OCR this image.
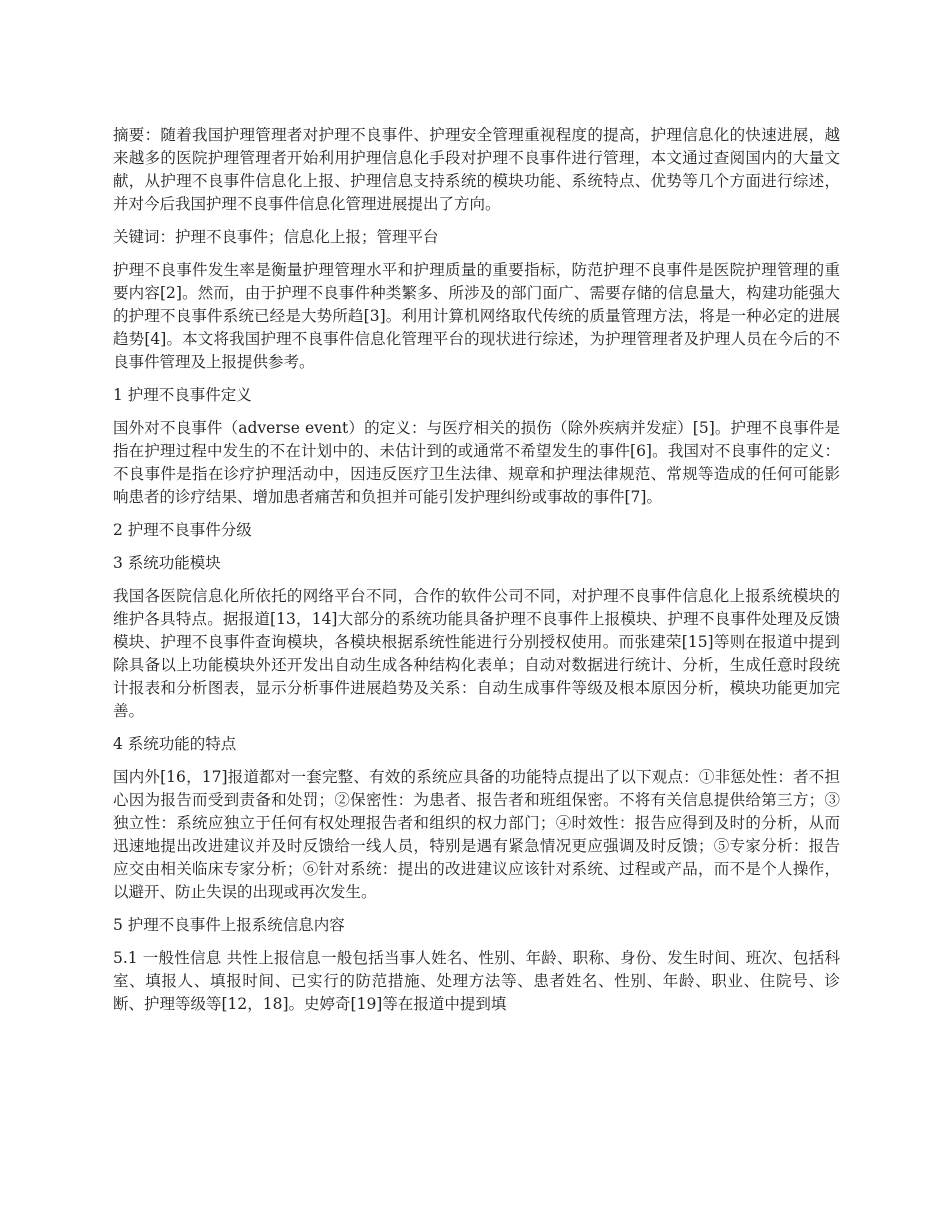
摘要：随着我国护理管理者对护理不良事件、护理安全管理重视程度的提高，护理信息化的快速进展，越来越多的医院护理管理者开始利用护理信息化手段对护理不良事件进行管理，本文通过查阅国内的大量文献，从护理不良事件信息化上报、护理信息支持系统的模块功能、系统特点、优势等几个方面进行综述，并对今后我国护理不良事件信息化管理进展提出了方向。

关键词：护理不良事件；信息化上报；管理平台

护理不良事件发生率是衡量护理管理水平和护理质量的重要指标，防范护理不良事件是医院护理管理的重要内容[2]。然而，由于护理不良事件种类繁多、所涉及的部门面广、需要存储的信息量大，构建功能强大的护理不良事件系统已经是大势所趋[3]。利用计算机网络取代传统的质量管理方法，将是一种必定的进展趋势[4]。本文将我国护理不良事件信息化管理平台的现状进行综述，为护理管理者及护理人员在今后的不良事件管理及上报提供参考。

1 护理不良事件定义

国外对不良事件（adverse event）的定义：与医疗相关的损伤（除外疾病并发症）[5]。护理不良事件是指在护理过程中发生的不在计划中的、未估计到的或通常不希望发生的事件[6]。我国对不良事件的定义：不良事件是指在诊疗护理活动中，因违反医疗卫生法律、规章和护理法律规范、常规等造成的任何可能影响患者的诊疗结果、增加患者痛苦和负担并可能引发护理纠纷或事故的事件[7]。

2 护理不良事件分级

3 系统功能模块

我国各医院信息化所依托的网络平台不同，合作的软件公司不同，对护理不良事件信息化上报系统模块的维护各具特点。据报道[13，14]大部分的系统功能具备护理不良事件上报模块、护理不良事件处理及反馈模块、护理不良事件查询模块，各模块根据系统性能进行分别授权使用。而张建荣[15]等则在报道中提到除具备以上功能模块外还开发出自动生成各种结构化表单；自动对数据进行统计、分析，生成任意时段统计报表和分析图表，显示分析事件进展趋势及关系：自动生成事件等级及根本原因分析，模块功能更加完善。

4 系统功能的特点

国内外[16，17]报道都对一套完整、有效的系统应具备的功能特点提出了以下观点：①非惩处性：者不担心因为报告而受到责备和处罚；②保密性：为患者、报告者和班组保密。不将有关信息提供给第三方；③独立性：系统应独立于任何有权处理报告者和组织的权力部门；④时效性：报告应得到及时的分析，从而迅速地提出改进建议并及时反馈给一线人员，特别是遇有紧急情况更应强调及时反馈；⑤专家分析：报告应交由相关临床专家分析；⑥针对系统：提出的改进建议应该针对系统、过程或产品，而不是个人操作，以避开、防止失误的出现或再次发生。

5 护理不良事件上报系统信息内容

5.1 一般性信息 共性上报信息一般包括当事人姓名、性别、年龄、职称、身份、发生时间、班次、包括科室、填报人、填报时间、已实行的防范措施、处理方法等、患者姓名、性别、年龄、职业、住院号、诊断、护理等级等[12，18]。史婷奇[19]等在报道中提到填
